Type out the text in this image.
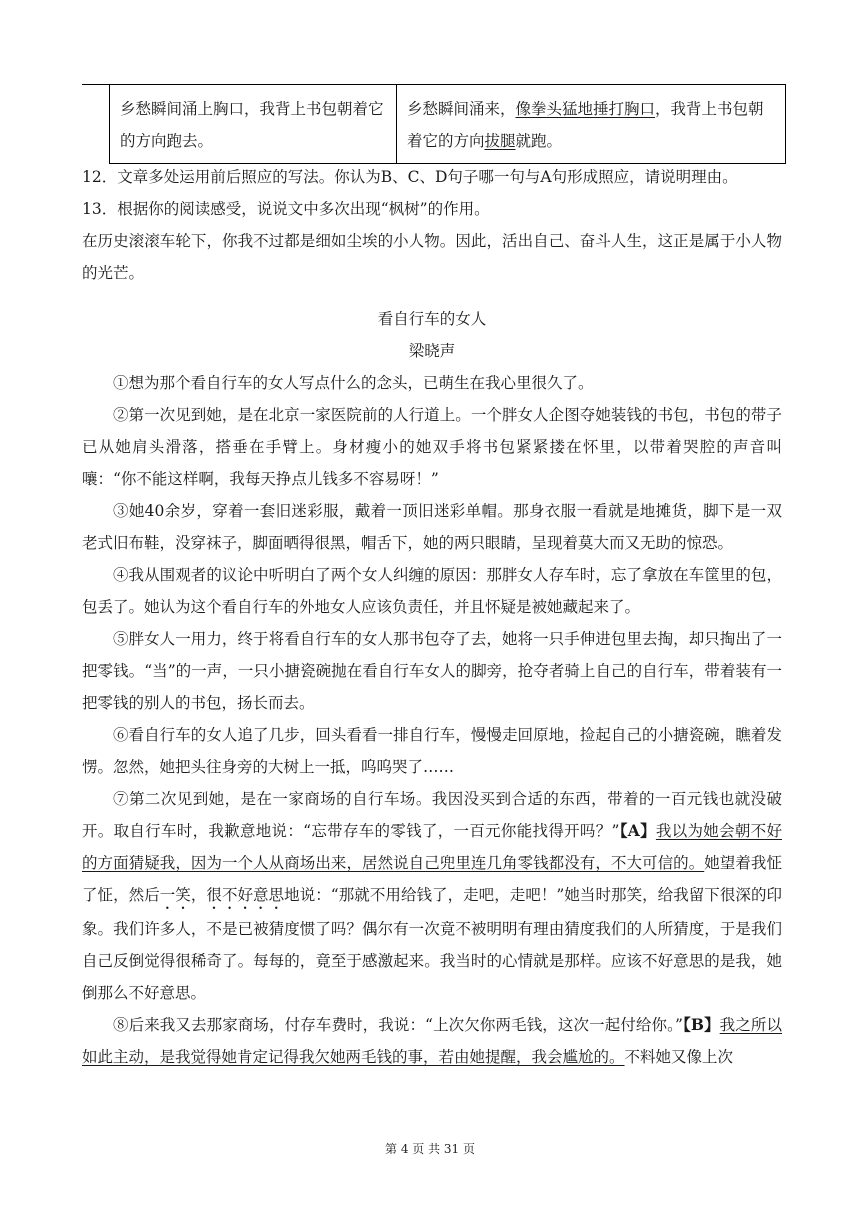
乡愁瞬间涌上胸口，我背上书包朝着它的方向跑去。	乡愁瞬间涌来，像拳头猛地捶打胸口，我背上书包朝着它的方向拔腿就跑。

12．文章多处运用前后照应的写法。你认为B、C、D句子哪一句与A句形成照应，请说明理由。

13．根据你的阅读感受，说说文中多次出现“枫树”的作用。

在历史滚滚车轮下，你我不过都是细如尘埃的小人物。因此，活出自己、奋斗人生，这正是属于小人物的光芒。

看自行车的女人

梁晓声

①想为那个看自行车的女人写点什么的念头，已萌生在我心里很久了。

②第一次见到她，是在北京一家医院前的人行道上。一个胖女人企图夺她装钱的书包，书包的带子已从她肩头滑落，搭垂在手臂上。身材瘦小的她双手将书包紧紧搂在怀里，以带着哭腔的声音叫嚷：“你不能这样啊，我每天挣点儿钱多不容易呀！”

③她40余岁，穿着一套旧迷彩服，戴着一顶旧迷彩单帽。那身衣服一看就是地摊货，脚下是一双老式旧布鞋，没穿袜子，脚面晒得很黑，帽舌下，她的两只眼睛，呈现着莫大而又无助的惊恐。

④我从围观者的议论中听明白了两个女人纠缠的原因：那胖女人存车时，忘了拿放在车筐里的包，包丢了。她认为这个看自行车的外地女人应该负责任，并且怀疑是被她藏起来了。

⑤胖女人一用力，终于将看自行车的女人那书包夺了去，她将一只手伸进包里去掏，却只掏出了一把零钱。“当”的一声，一只小搪瓷碗抛在看自行车女人的脚旁，抢夺者骑上自己的自行车，带着装有一把零钱的别人的书包，扬长而去。

⑥看自行车的女人追了几步，回头看看一排自行车，慢慢走回原地，捡起自己的小搪瓷碗，瞧着发愣。忽然，她把头往身旁的大树上一抵，呜呜哭了……

⑦第二次见到她，是在一家商场的自行车场。我因没买到合适的东西，带着的一百元钱也就没破开。取自行车时，我歉意地说：“忘带存车的零钱了，一百元你能找得开吗？”【A】我以为她会朝不好的方面猜疑我，因为一个人从商场出来，居然说自己兜里连几角零钱都没有，不大可信的。她望着我怔了怔，然后一笑，很不好意思地说：“那就不用给钱了，走吧，走吧！”她当时那笑，给我留下很深的印象。我们许多人，不是已被猜度惯了吗？偶尔有一次竟不被明明有理由猜度我们的人所猜度，于是我们自己反倒觉得很稀奇了。每每的，竟至于感激起来。我当时的心情就是那样。应该不好意思的是我，她倒那么不好意思。

⑧后来我又去那家商场，付存车费时，我说：“上次欠你两毛钱，这次一起付给你。”【B】我之所以如此主动，是我觉得她肯定记得我欠她两毛钱的事，若由她提醒，我会尴尬的。不料她又像上次

第 4 页 共 31 页
